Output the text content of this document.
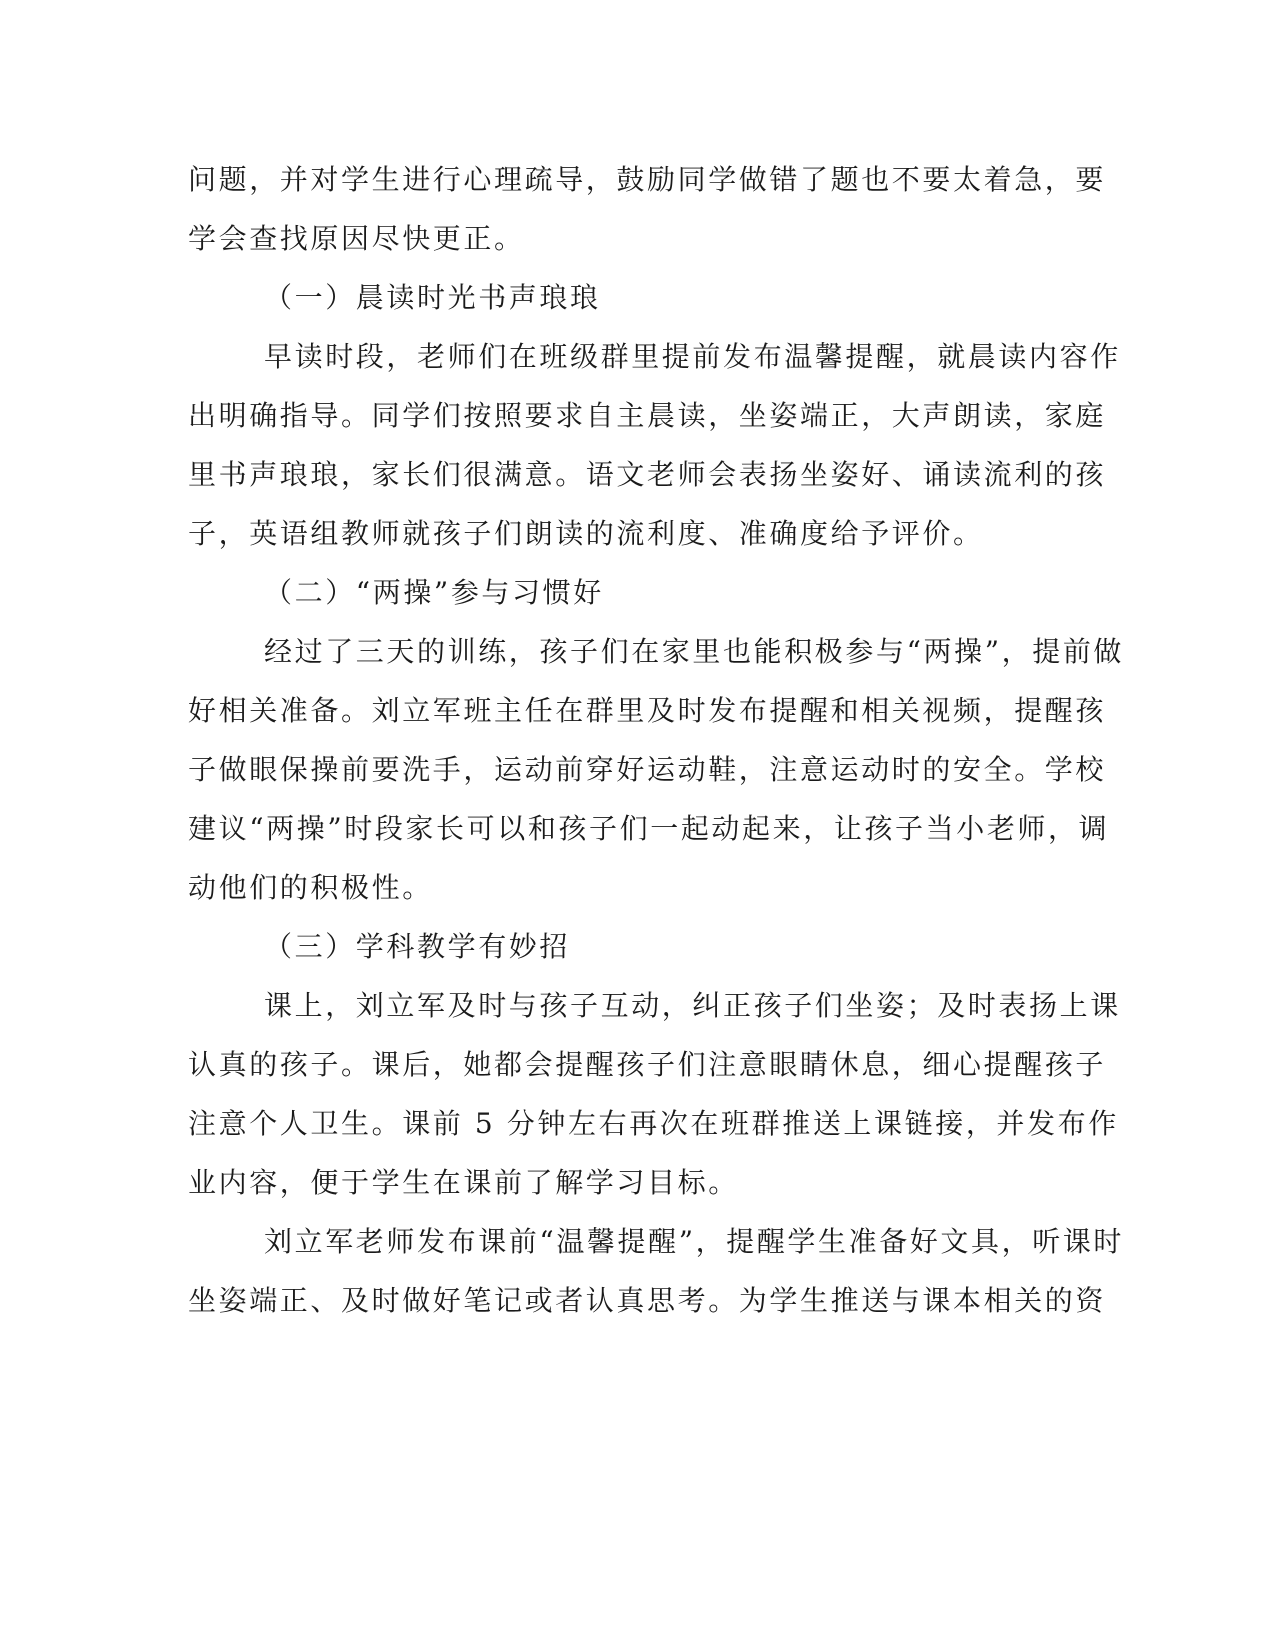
问题，并对学生进行心理疏导，鼓励同学做错了题也不要太着急，要
学会查找原因尽快更正。
（一）晨读时光书声琅琅
早读时段，老师们在班级群里提前发布温馨提醒，就晨读内容作
出明确指导。同学们按照要求自主晨读，坐姿端正，大声朗读，家庭
里书声琅琅，家长们很满意。语文老师会表扬坐姿好、诵读流利的孩
子，英语组教师就孩子们朗读的流利度、准确度给予评价。
（二）“两操”参与习惯好
经过了三天的训练，孩子们在家里也能积极参与“两操”，提前做
好相关准备。刘立军班主任在群里及时发布提醒和相关视频，提醒孩
子做眼保操前要洗手，运动前穿好运动鞋，注意运动时的安全。学校
建议“两操”时段家长可以和孩子们一起动起来，让孩子当小老师，调
动他们的积极性。
（三）学科教学有妙招
课上，刘立军及时与孩子互动，纠正孩子们坐姿；及时表扬上课
认真的孩子。课后，她都会提醒孩子们注意眼睛休息，细心提醒孩子
注意个人卫生。课前 5 分钟左右再次在班群推送上课链接，并发布作
业内容，便于学生在课前了解学习目标。
刘立军老师发布课前“温馨提醒”，提醒学生准备好文具，听课时
坐姿端正、及时做好笔记或者认真思考。为学生推送与课本相关的资
